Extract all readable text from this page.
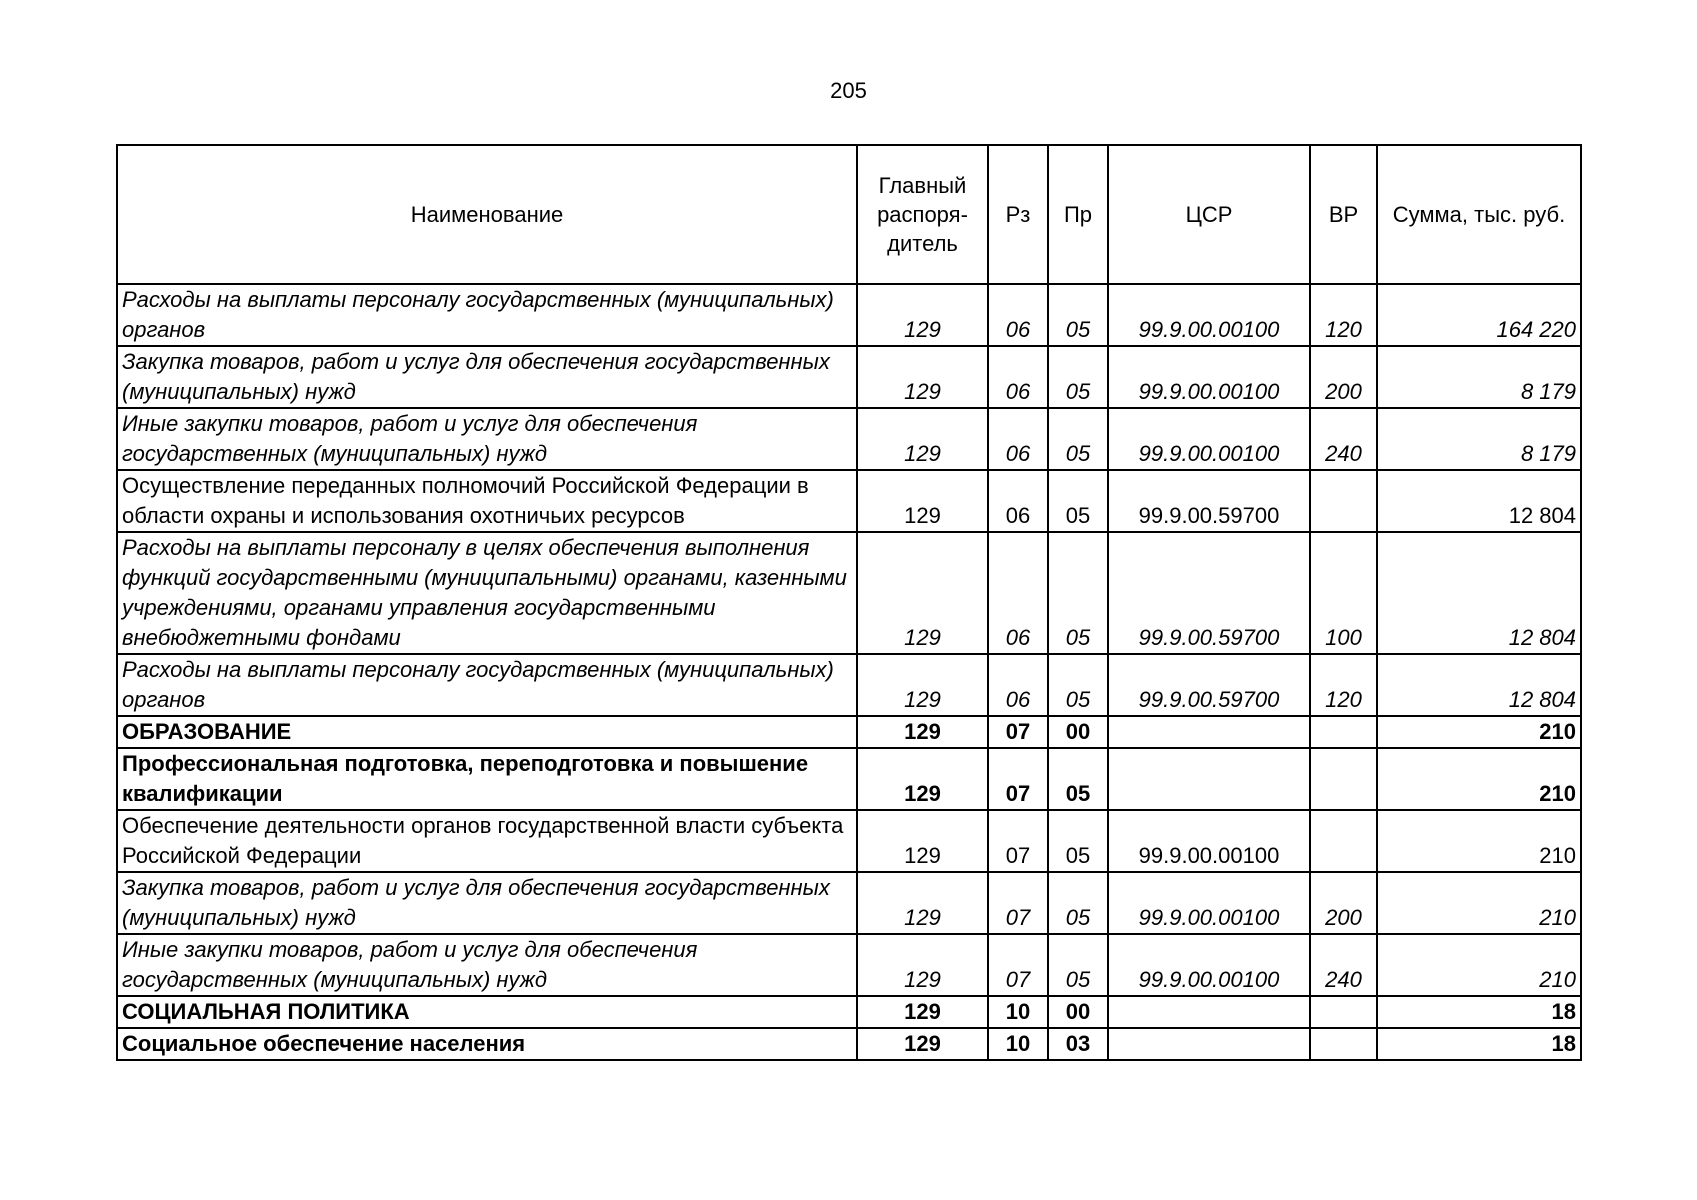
205
Наименование	Главный распоря-дитель	Рз	Пр	ЦСР	ВР	Сумма, тыс. руб.
Расходы на выплаты персоналу государственных (муниципальных) органов	129	06	05	99.9.00.00100	120	164 220
Закупка товаров, работ и услуг для обеспечения государственных (муниципальных) нужд	129	06	05	99.9.00.00100	200	8 179
Иные закупки товаров, работ и услуг для обеспечения государственных (муниципальных) нужд	129	06	05	99.9.00.00100	240	8 179
Осуществление переданных полномочий Российской Федерации в области охраны и использования охотничьих ресурсов	129	06	05	99.9.00.59700		12 804
Расходы на выплаты персоналу в целях обеспечения выполнения функций государственными (муниципальными) органами, казенными учреждениями, органами управления государственными внебюджетными фондами	129	06	05	99.9.00.59700	100	12 804
Расходы на выплаты персоналу государственных (муниципальных) органов	129	06	05	99.9.00.59700	120	12 804
ОБРАЗОВАНИЕ	129	07	00			210
Профессиональная подготовка, переподготовка и повышение квалификации	129	07	05			210
Обеспечение деятельности органов государственной власти субъекта Российской Федерации	129	07	05	99.9.00.00100		210
Закупка товаров, работ и услуг для обеспечения государственных (муниципальных) нужд	129	07	05	99.9.00.00100	200	210
Иные закупки товаров, работ и услуг для обеспечения государственных (муниципальных) нужд	129	07	05	99.9.00.00100	240	210
СОЦИАЛЬНАЯ ПОЛИТИКА	129	10	00			18
Социальное обеспечение населения	129	10	03			18
